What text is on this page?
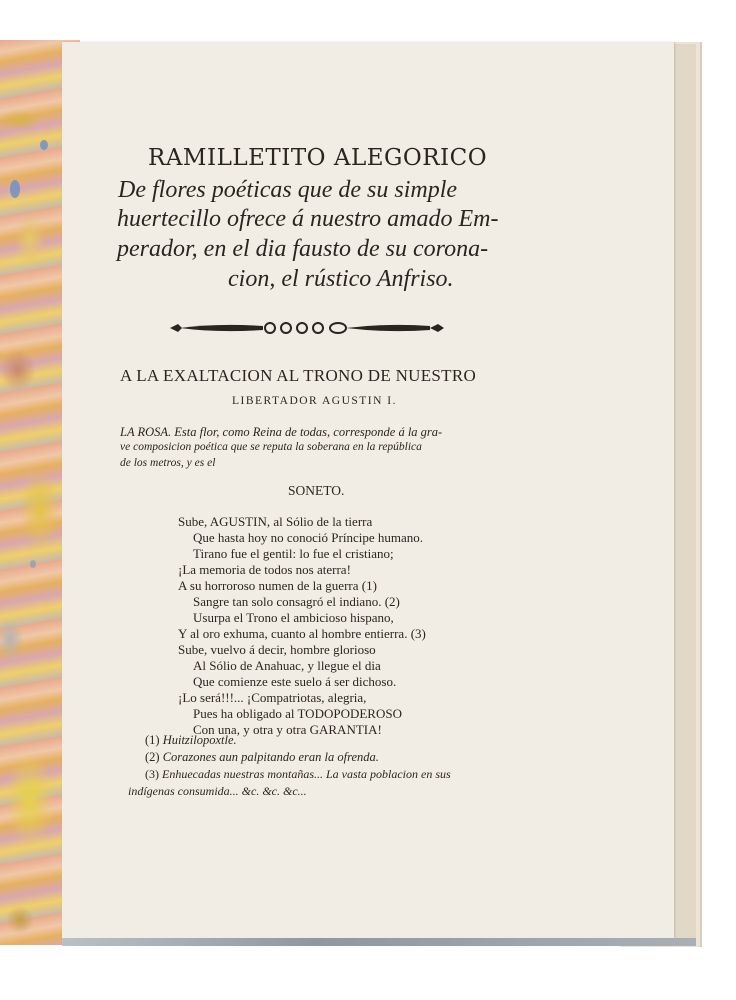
RAMILLETITO ALEGORICO
De flores poéticas que de su simple
huertecillo ofrece á nuestro amado Em-
perador, en el dia fausto de su corona-
cion, el rústico Anfriso.
A LA EXALTACION AL TRONO DE NUESTRO
LIBERTADOR AGUSTIN I.
LA ROSA. Esta flor, como Reina de todas, corresponde á la gra-
ve composicion poética que se reputa la soberana en la república
de los metros, y es el
SONETO.
Sube, AGUSTIN, al Sólio de la tierra
Que hasta hoy no conoció Príncipe humano.
Tirano fue el gentil: lo fue el cristiano;
¡La memoria de todos nos aterra!
A su horroroso numen de la guerra (1)
Sangre tan solo consagró el indiano. (2)
Usurpa el Trono el ambicioso hispano,
Y al oro exhuma, cuanto al hombre entierra. (3)
Sube, vuelvo á decir, hombre glorioso
Al Sólio de Anahuac, y llegue el dia
Que comienze este suelo á ser dichoso.
¡Lo será!!!... ¡Compatriotas, alegria,
Pues ha obligado al TODOPODEROSO
Con una, y otra y otra GARANTIA!
(1) Huitzilopoxtle.
(2) Corazones aun palpitando eran la ofrenda.
(3) Enhuecadas nuestras montañas... La vasta poblacion en sus
indígenas consumida... &c. &c. &c...
